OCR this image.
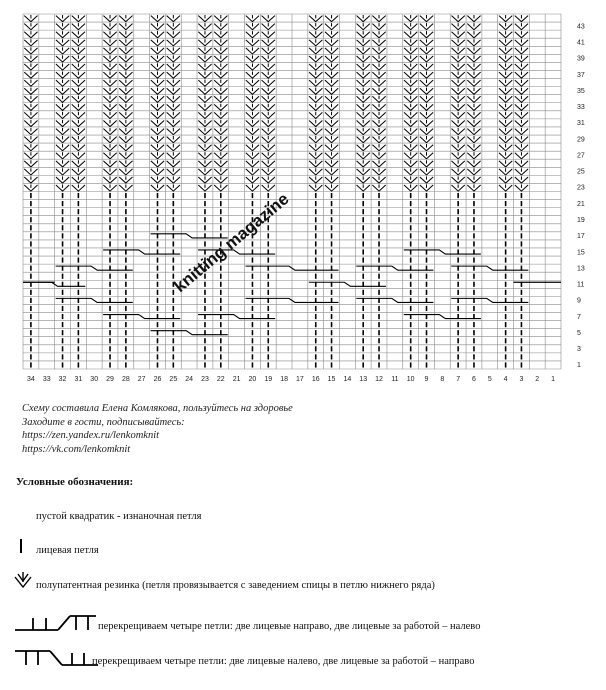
1
3
5
7
9
11
13
15
17
19
21
23
25
27
29
31
33
35
37
39
41
43
34 33 32 31 30 29 28 27 26 25 24 23 22 21 20 19 18 17 16 15 14 13 12 11 10 9 8 7 6 5 4 3 2 1
knitting magazine
Схему составила Елена Комлякова, пользуйтесь на здоровье
Заходите в гости, подписывайтесь:
https://zen.yandex.ru/lenkomknit
https://vk.com/lenkomknit
Условные обозначения:
пустой квадратик - изнаночная петля
лицевая петля
полупатентная резинка (петля провязывается с заведением спицы в петлю нижнего ряда)
перекрещиваем четыре петли: две лицевые направо, две лицевые за работой – налево
перекрещиваем четыре петли: две лицевые налево, две лицевые за работой – направо
